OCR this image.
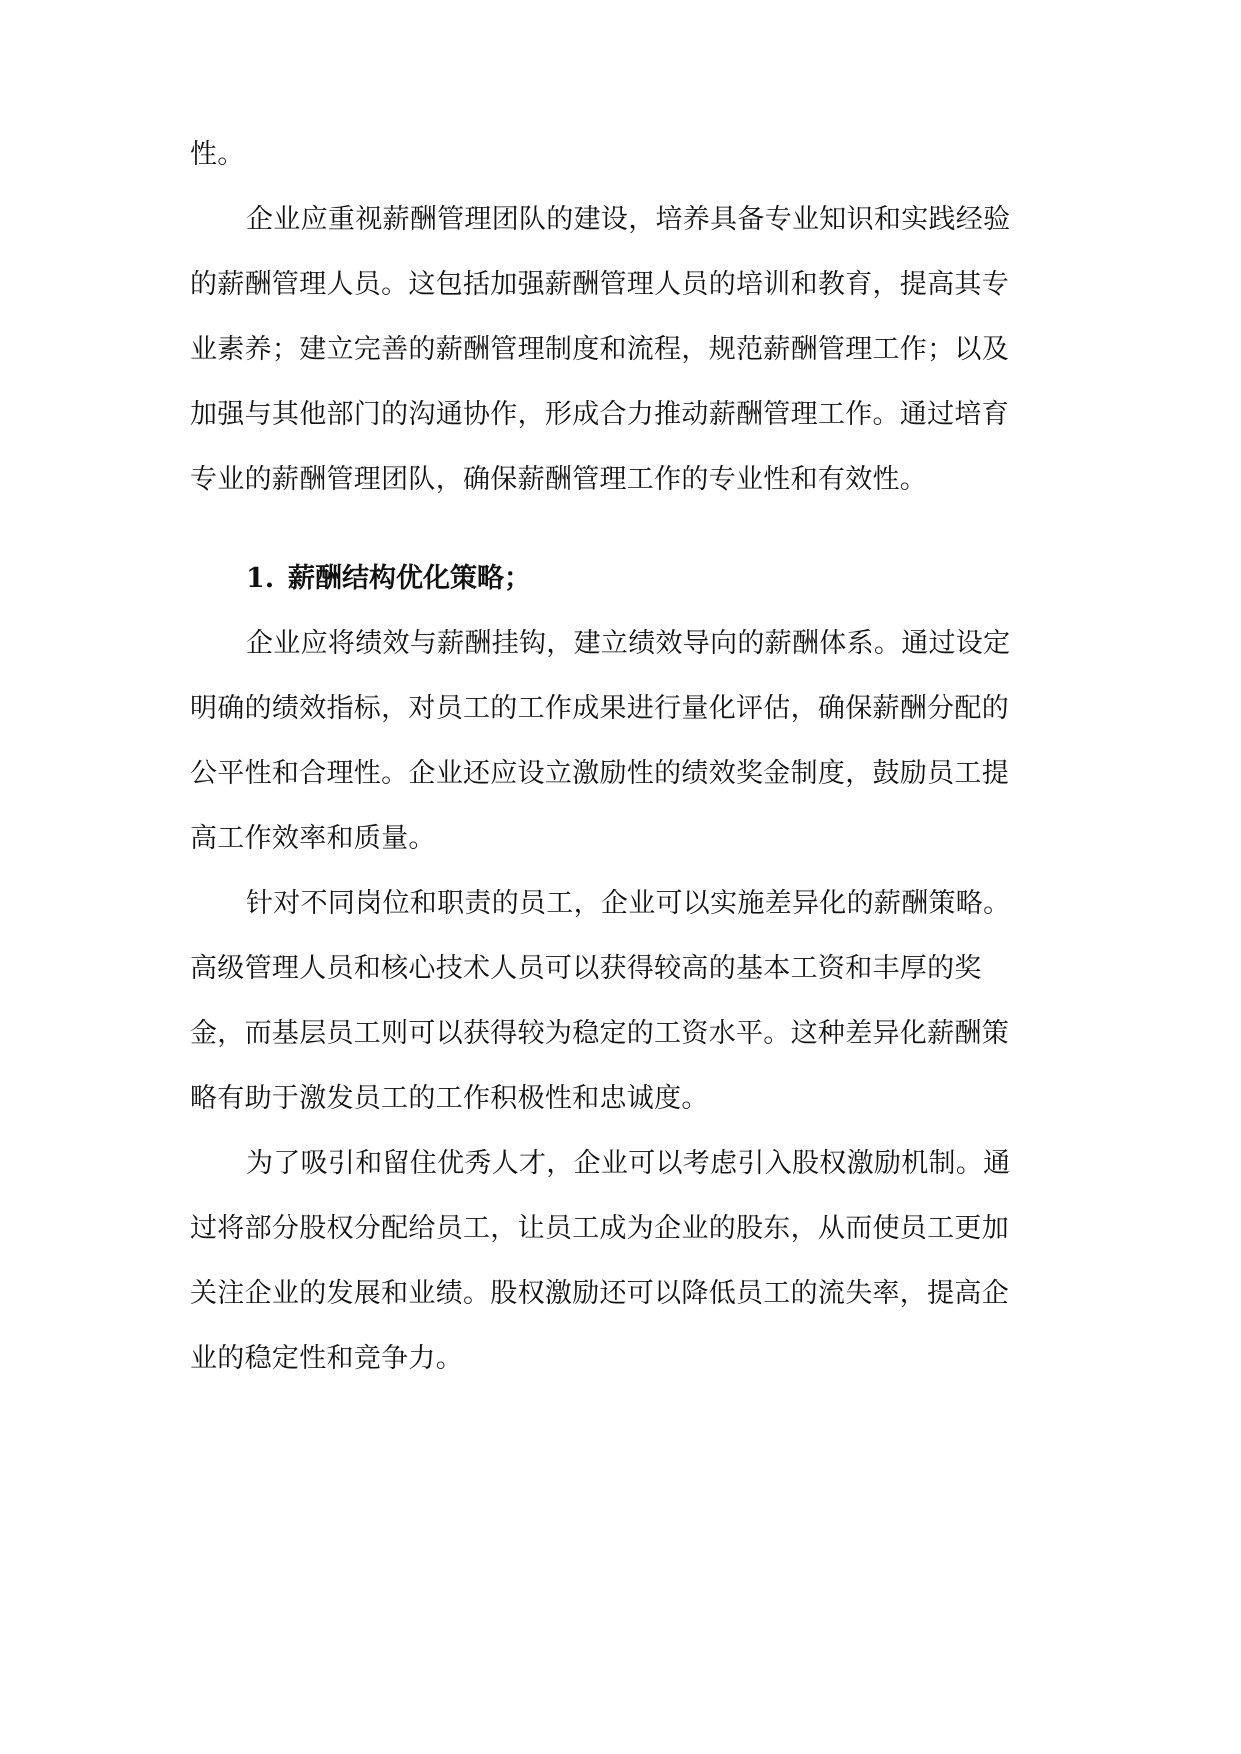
性。

企业应重视薪酬管理团队的建设，培养具备专业知识和实践经验

的薪酬管理人员。这包括加强薪酬管理人员的培训和教育，提高其专

业素养；建立完善的薪酬管理制度和流程，规范薪酬管理工作；以及

加强与其他部门的沟通协作，形成合力推动薪酬管理工作。通过培育

专业的薪酬管理团队，确保薪酬管理工作的专业性和有效性。

1. 薪酬结构优化策略；

企业应将绩效与薪酬挂钩，建立绩效导向的薪酬体系。通过设定

明确的绩效指标，对员工的工作成果进行量化评估，确保薪酬分配的

公平性和合理性。企业还应设立激励性的绩效奖金制度，鼓励员工提

高工作效率和质量。

针对不同岗位和职责的员工，企业可以实施差异化的薪酬策略。

高级管理人员和核心技术人员可以获得较高的基本工资和丰厚的奖

金，而基层员工则可以获得较为稳定的工资水平。这种差异化薪酬策

略有助于激发员工的工作积极性和忠诚度。

为了吸引和留住优秀人才，企业可以考虑引入股权激励机制。通

过将部分股权分配给员工，让员工成为企业的股东，从而使员工更加

关注企业的发展和业绩。股权激励还可以降低员工的流失率，提高企

业的稳定性和竞争力。
